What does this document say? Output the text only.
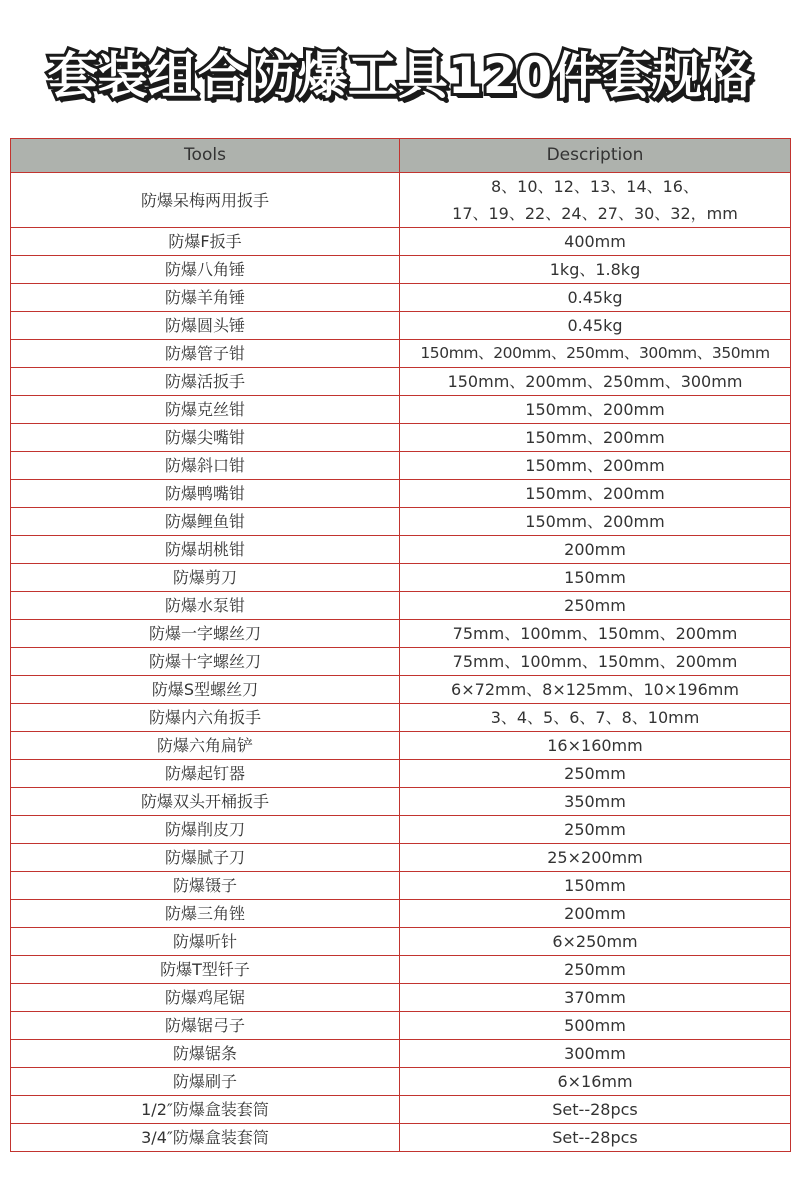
套装组合防爆工具120件套规格
Tools	Description
防爆呆梅两用扳手	8、10、12、13、14、16、
17、19、22、24、27、30、32，mm

防爆F扳手	400mm
防爆八角锤	1kg、1.8kg
防爆羊角锤	0.45kg
防爆圆头锤	0.45kg
防爆管子钳	150mm、200mm、250mm、300mm、350mm
防爆活扳手	150mm、200mm、250mm、300mm
防爆克丝钳	150mm、200mm
防爆尖嘴钳	150mm、200mm
防爆斜口钳	150mm、200mm
防爆鸭嘴钳	150mm、200mm
防爆鲤鱼钳	150mm、200mm
防爆胡桃钳	200mm
防爆剪刀	150mm
防爆水泵钳	250mm
防爆一字螺丝刀	75mm、100mm、150mm、200mm
防爆十字螺丝刀	75mm、100mm、150mm、200mm
防爆S型螺丝刀	6×72mm、8×125mm、10×196mm
防爆内六角扳手	3、4、5、6、7、8、10mm
防爆六角扁铲	16×160mm
防爆起钉器	250mm
防爆双头开桶扳手	350mm
防爆削皮刀	250mm
防爆腻子刀	25×200mm
防爆镊子	150mm
防爆三角锉	200mm
防爆听针	6×250mm
防爆T型钎子	250mm
防爆鸡尾锯	370mm
防爆锯弓子	500mm
防爆锯条	300mm
防爆刷子	6×16mm
1/2″防爆盒装套筒	Set--28pcs
3/4″防爆盒装套筒	Set--28pcs
